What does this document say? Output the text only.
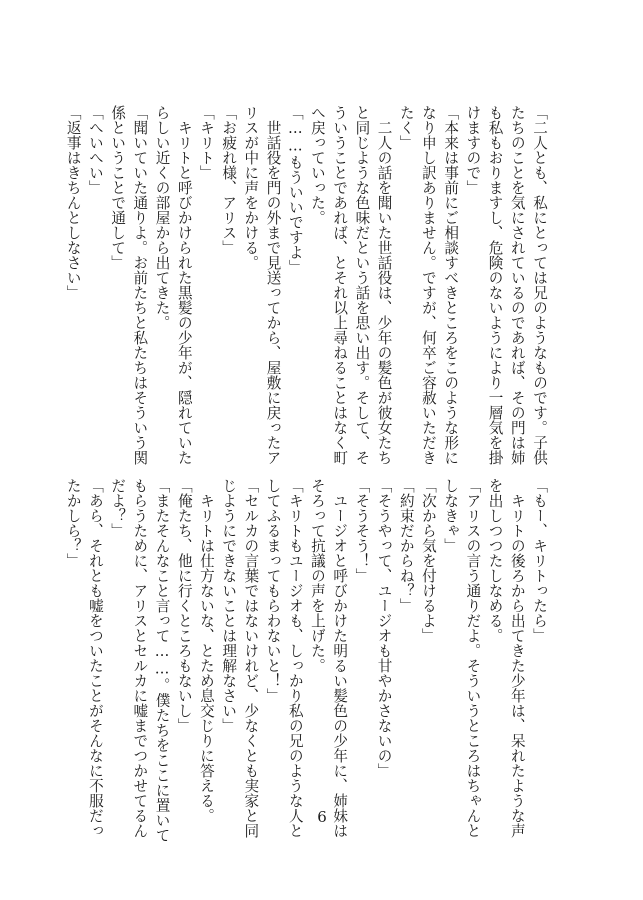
「二人とも、私にとっては兄のようなものです。子供
たちのことを気にされているのであれば、その門は姉
も私もおりますし、危険のないようにより一層気を掛
けますので」
「本来は事前にご相談すべきところをこのような形に
なり申し訳ありません。ですが、何卒ご容赦いただき
たく」
　二人の話を聞いた世話役は、少年の髪色が彼女たち
と同じような色味だという話を思い出す。そして、そ
ういうことであれば、とそれ以上尋ねることはなく町
へ戻っていった。
「……もういいですよ」
　世話役を門の外まで見送ってから、屋敷に戻ったア
リスが中に声をかける。
「お疲れ様、アリス」
「キリト」
　キリトと呼びかけられた黒髪の少年が、隠れていた
らしい近くの部屋から出てきた。
「聞いていた通りよ。お前たちと私たちはそういう関
係ということで通して」
「へいへい」
「返事はきちんとしなさい」
「もー、キリトったら」
　キリトの後ろから出てきた少年は、呆れたような声
を出しつつたしなめる。
「アリスの言う通りだよ。そういうところはちゃんと
しなきゃ」
「次から気を付けるよ」
「約束だからね？」
「そうやって、ユージオも甘やかさないの」
「そうそう！」
　ユージオと呼びかけた明るい髪色の少年に、姉妹は
そろって抗議の声を上げた。
「キリトもユージオも、しっかり私の兄のような人と
してふるまってもらわないと！」
「セルカの言葉ではないけれど、少なくとも実家と同
じようにできないことは理解なさい」
　キリトは仕方ないな、とため息交じりに答える。
「俺たち、他に行くところもないし」
「またそんなこと言って……。僕たちをここに置いて
もらうために、アリスとセルカに嘘までつかせてるん
だよ？」
「あら、それとも嘘をついたことがそんなに不服だっ
たかしら？」
6
